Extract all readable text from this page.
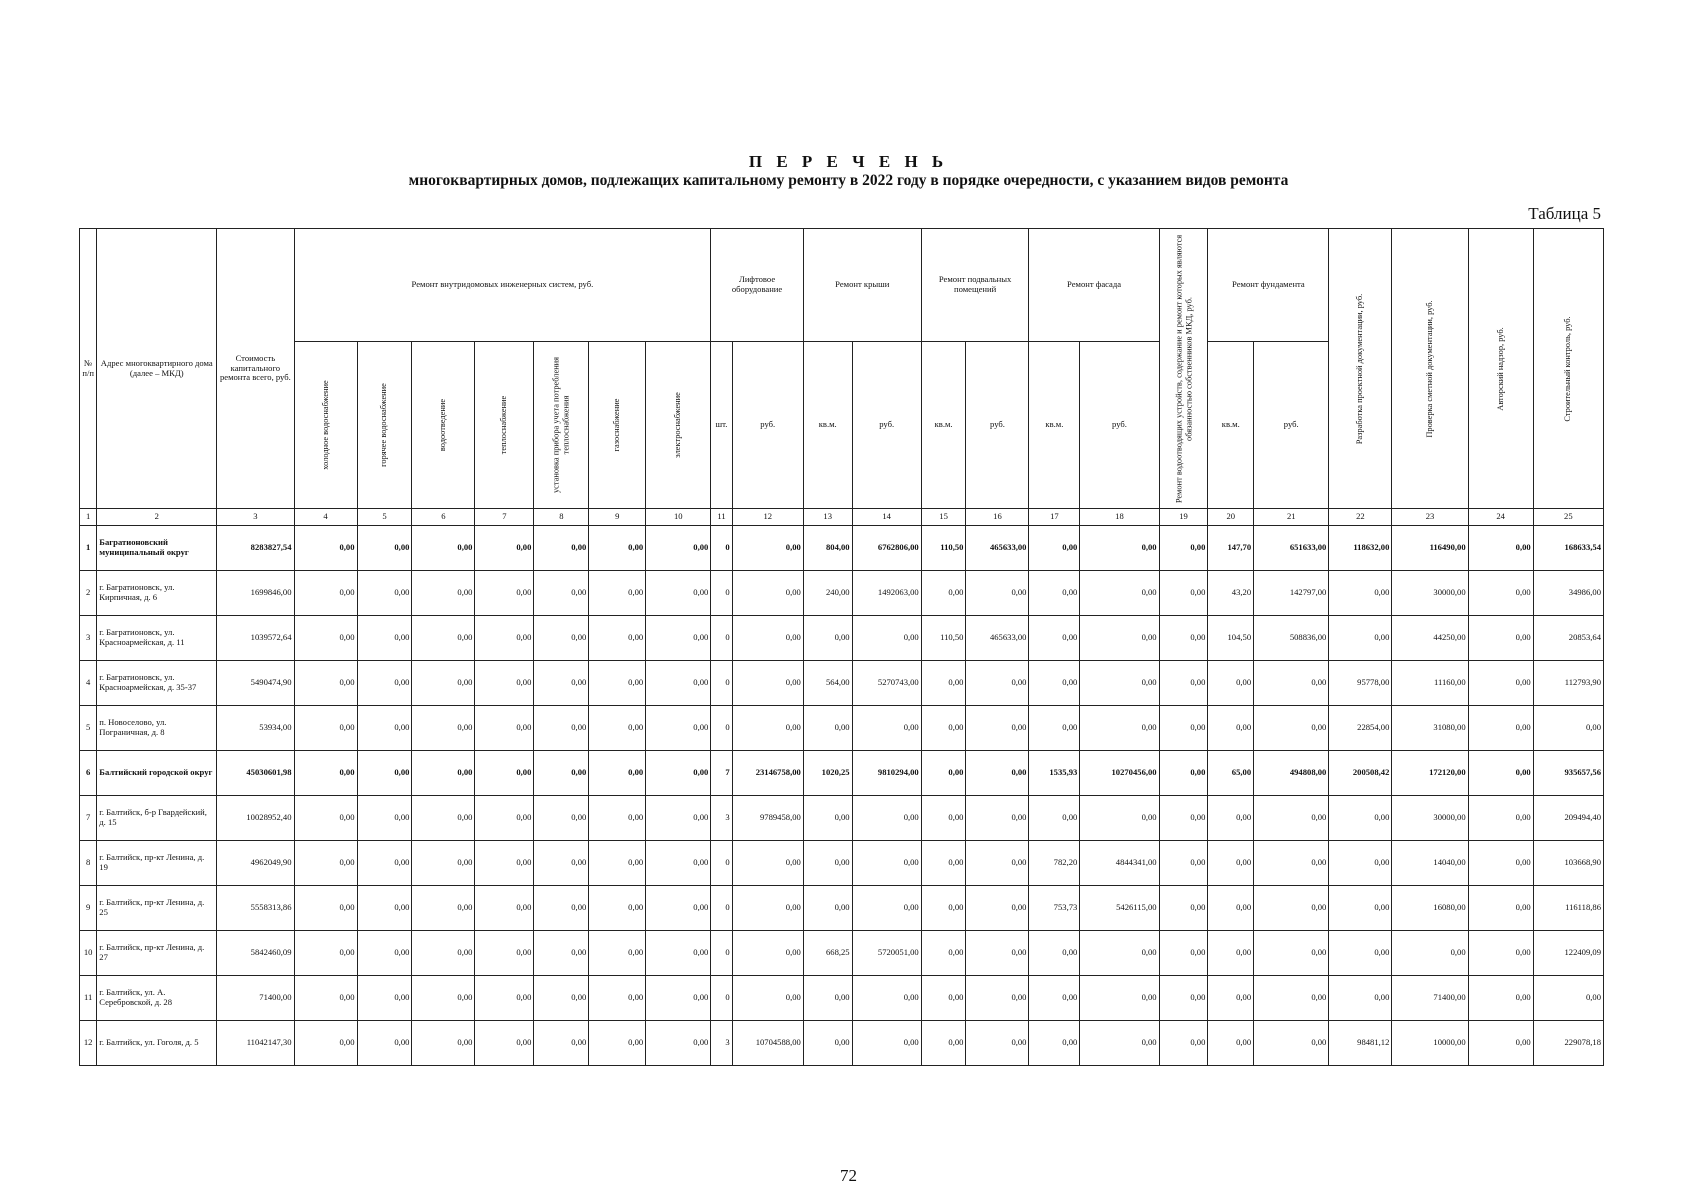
П Е Р Е Ч Е Н Ь
многоквартирных домов, подлежащих капитальному ремонту в 2022 году в порядке очередности, с указанием видов ремонта
Таблица 5
№ п/п	Адрес многоквартирного дома (далее – МКД)	Стоимость капитального ремонта всего, руб.	Ремонт внутридомовых инженерных систем, руб.							Лифтовое оборудование		Ремонт крыши		Ремонт подвальных помещений		Ремонт фасада		Ремонт водоотводящих устройств, содержание и ремонт которых являются обязанностью собственников МКД, руб.	Ремонт фундамента		Разработка проектной документации, руб.	Проверка сметной документации, руб.	Авторский надзор, руб.	Строительный контроль, руб.

			холодное водоснабжение	горячее водоснабжение	водоотведение	теплоснабжение	установка прибора учета потребления теплоснабжения	газоснабжение	электроснабжение	шт.	руб.	кв.м.	руб.	кв.м.	руб.	кв.м.	руб.		кв.м.	руб.				
1	2	3	4	5	6	7	8	9	10	11	12	13	14	15	16	17	18	19	20	21	22	23	24	25
1	Багратионовский муниципальный округ	8283827,54	0,00	0,00	0,00	0,00	0,00	0,00	0,00	0	0,00	804,00	6762806,00	110,50	465633,00	0,00	0,00	0,00	147,70	651633,00	118632,00	116490,00	0,00	168633,54
2	г. Багратионовск, ул. Кирпичная, д. 6	1699846,00	0,00	0,00	0,00	0,00	0,00	0,00	0,00	0	0,00	240,00	1492063,00	0,00	0,00	0,00	0,00	0,00	43,20	142797,00	0,00	30000,00	0,00	34986,00
3	г. Багратионовск, ул. Красноармейская, д. 11	1039572,64	0,00	0,00	0,00	0,00	0,00	0,00	0,00	0	0,00	0,00	0,00	110,50	465633,00	0,00	0,00	0,00	104,50	508836,00	0,00	44250,00	0,00	20853,64
4	г. Багратионовск, ул. Красноармейская, д. 35-37	5490474,90	0,00	0,00	0,00	0,00	0,00	0,00	0,00	0	0,00	564,00	5270743,00	0,00	0,00	0,00	0,00	0,00	0,00	0,00	95778,00	11160,00	0,00	112793,90
5	п. Новоселово, ул. Пограничная, д. 8	53934,00	0,00	0,00	0,00	0,00	0,00	0,00	0,00	0	0,00	0,00	0,00	0,00	0,00	0,00	0,00	0,00	0,00	0,00	22854,00	31080,00	0,00	0,00
6	Балтийский городской округ	45030601,98	0,00	0,00	0,00	0,00	0,00	0,00	0,00	7	23146758,00	1020,25	9810294,00	0,00	0,00	1535,93	10270456,00	0,00	65,00	494808,00	200508,42	172120,00	0,00	935657,56
7	г. Балтийск, б-р Гвардейский, д. 15	10028952,40	0,00	0,00	0,00	0,00	0,00	0,00	0,00	3	9789458,00	0,00	0,00	0,00	0,00	0,00	0,00	0,00	0,00	0,00	0,00	30000,00	0,00	209494,40
8	г. Балтийск, пр-кт Ленина, д. 19	4962049,90	0,00	0,00	0,00	0,00	0,00	0,00	0,00	0	0,00	0,00	0,00	0,00	0,00	782,20	4844341,00	0,00	0,00	0,00	0,00	14040,00	0,00	103668,90
9	г. Балтийск, пр-кт Ленина, д. 25	5558313,86	0,00	0,00	0,00	0,00	0,00	0,00	0,00	0	0,00	0,00	0,00	0,00	0,00	753,73	5426115,00	0,00	0,00	0,00	0,00	16080,00	0,00	116118,86
10	г. Балтийск, пр-кт Ленина, д. 27	5842460,09	0,00	0,00	0,00	0,00	0,00	0,00	0,00	0	0,00	668,25	5720051,00	0,00	0,00	0,00	0,00	0,00	0,00	0,00	0,00	0,00	0,00	122409,09
11	г. Балтийск, ул. А. Серебровской, д. 28	71400,00	0,00	0,00	0,00	0,00	0,00	0,00	0,00	0	0,00	0,00	0,00	0,00	0,00	0,00	0,00	0,00	0,00	0,00	0,00	71400,00	0,00	0,00
12	г. Балтийск, ул. Гоголя, д. 5	11042147,30	0,00	0,00	0,00	0,00	0,00	0,00	0,00	3	10704588,00	0,00	0,00	0,00	0,00	0,00	0,00	0,00	0,00	0,00	98481,12	10000,00	0,00	229078,18
72
